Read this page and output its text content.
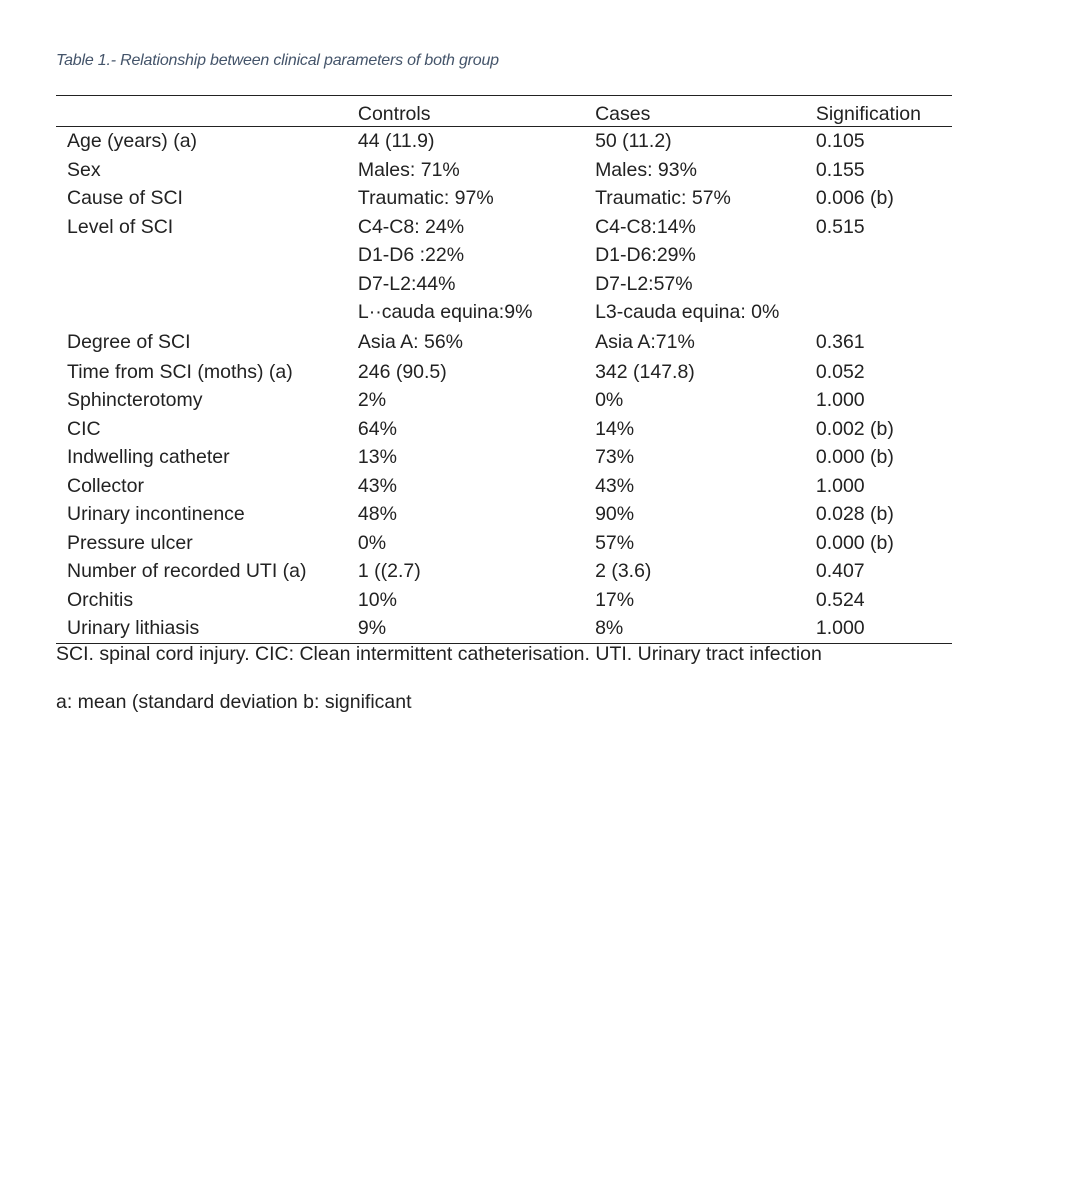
Table 1.- Relationship between clinical parameters of both group
	Controls	Cases	Signification
Age (years) (a)	44 (11.9)	50 (11.2)	0.105
Sex	Males: 71%	Males: 93%	0.155
Cause of SCI	Traumatic: 97%	Traumatic: 57%	0.006 (b)
Level of SCI	C4-C8: 24%	C4-C8:14%	0.515
	D1-D6 :22%	D1-D6:29%	
	D7-L2:44%	D7-L2:57%	
	L··cauda equina:9%	L3-cauda equina: 0%	
Degree of SCI	Asia A: 56%	Asia A:71%	0.361
Time from SCI (moths) (a)	246 (90.5)	342 (147.8)	0.052
Sphincterotomy	2%	0%	1.000
CIC	64%	14%	0.002 (b)
Indwelling catheter	13%	73%	0.000 (b)
Collector	43%	43%	1.000
Urinary incontinence	48%	90%	0.028 (b)
Pressure ulcer	0%	57%	0.000 (b)
Number of recorded UTI (a)	1 ((2.7)	2 (3.6)	0.407
Orchitis	10%	17%	0.524
Urinary lithiasis	9%	8%	1.000
SCI. spinal cord injury. CIC: Clean intermittent catheterisation. UTI. Urinary tract infection
a: mean (standard deviation b: significant
